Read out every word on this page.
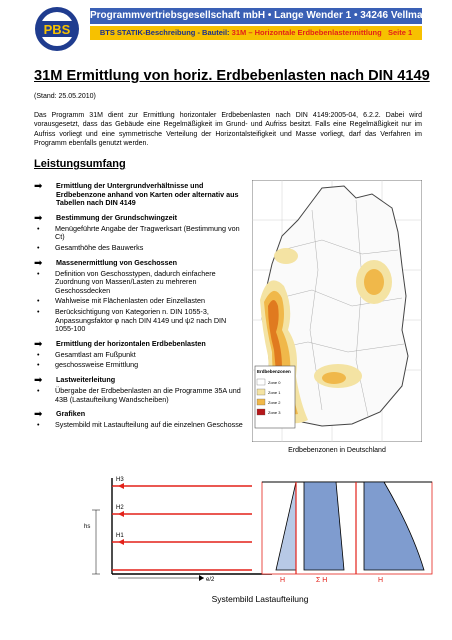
PBS
Programmvertriebsgesellschaft mbH • Lange Wender 1 • 34246 Vellmar
BTS STATIK-Beschreibung - Bauteil: 31M – Horizontale Erdbebenlastermittlung Seite 1
31M Ermittlung von horiz. Erdbebenlasten nach DIN 4149
(Stand: 25.05.2010)
Das Programm 31M dient zur Ermittlung horizontaler Erdbebenlasten nach DIN 4149:2005-04, 6.2.2. Dabei wird vorausgesetzt, dass das Gebäude eine Regelmäßigkeit im Grund- und Aufriss besitzt. Falls eine Regelmäßigkeit nur im Aufriss vorliegt und eine symmetrische Verteilung der Horizontalsteifigkeit und Masse vorliegt, darf das Verfahren im Programm ebenfalls genutzt werden.
Leistungsumfang
➡	Ermittlung der Untergrundverhältnisse und Erdbebenzone anhand von Karten oder alternativ aus Tabellen nach DIN 4149
➡	Bestimmung der Grundschwingzeit
•	Menügeführte Angabe der Tragwerksart (Bestimmung von Ct)
•	Gesamthöhe des Bauwerks
➡	Massenermittlung von Geschossen
•	Definition von Geschosstypen, dadurch einfachere Zuordnung von Massen/Lasten zu mehreren Geschossdecken
•	Wahlweise mit Flächenlasten oder Einzellasten
•	Berücksichtigung von Kategorien n. DIN 1055-3, Anpassungsfaktor φ nach DIN 4149 und ψ2 nach DIN 1055-100
➡	Ermittlung der horizontalen Erdbebenlasten
•	Gesamtlast am Fußpunkt
•	geschossweise Ermittlung
➡	Lastweiterleitung
•	Übergabe der Erdbebenlasten an die Programme 35A und 43B (Lastaufteilung Wandscheiben)
➡	Grafiken
•	Systembild mit Lastaufteilung auf die einzelnen Geschosse
Erdbebenzonen
Zone 0
Zone 1
Zone 2
Zone 3
Erdbebenzonen in Deutschland
hs
H3
H2
H1
e/2	H	Σ H	H
Systembild Lastaufteilung
